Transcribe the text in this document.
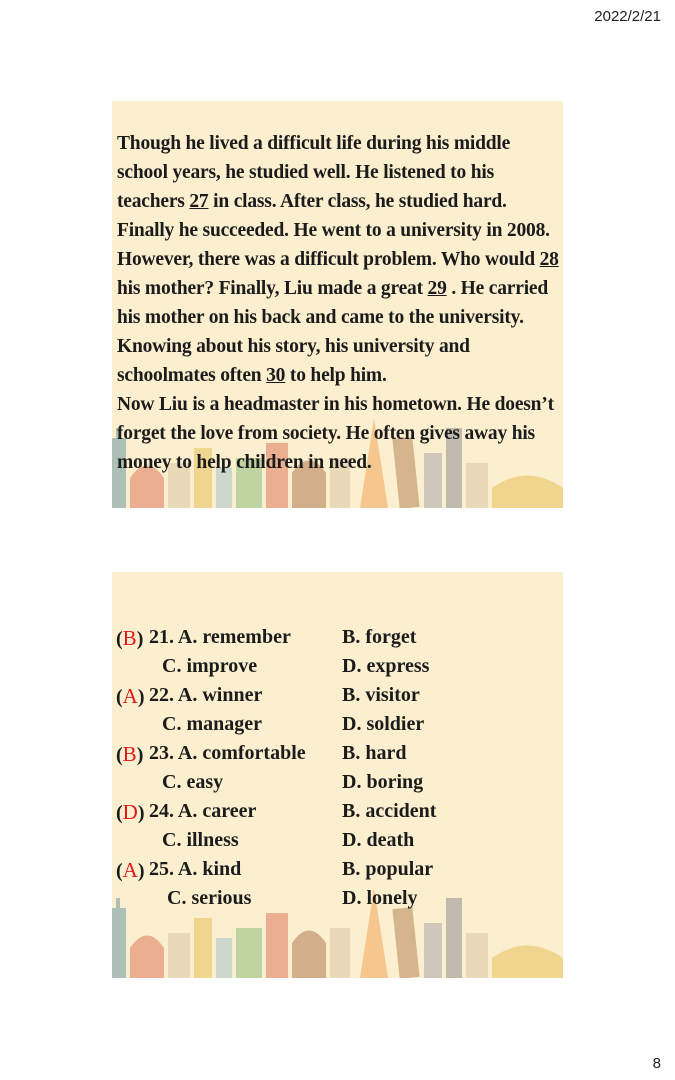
2022/2/21

Though he lived a difficult life during his middle school years, he studied well. He listened to his teachers 27 in class. After class, he studied hard. Finally he succeeded. He went to a university in 2008. However, there was a difficult problem. Who would 28 his mother? Finally, Liu made a great 29 . He carried his mother on his back and came to the university. Knowing about his story, his university and schoolmates often 30 to help him.

Now Liu is a headmaster in his hometown. He doesn’t forget the love from society. He often gives away his money to help children in need.

(B) 21. A. remember	B. forget
C. improve	D. express
(A) 22. A. winner	B. visitor
C. manager	D. soldier
(B) 23. A. comfortable B. hard
C. easy	D. boring
(D) 24. A. career	B. accident
C. illness	D. death
(A) 25. A. kind	B. popular
C. serious	D. lonely
8
